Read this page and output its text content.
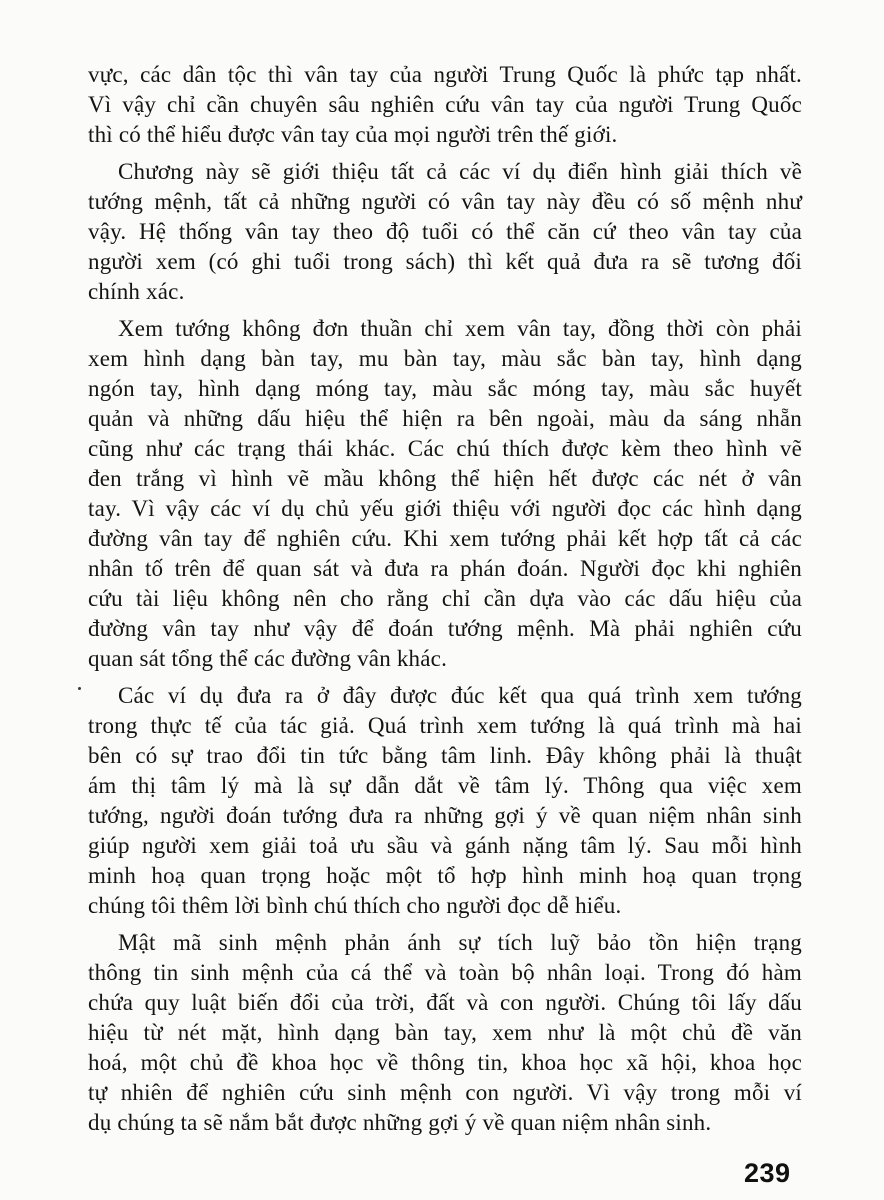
vực, các dân tộc thì vân tay của người Trung Quốc là phức tạp nhất.
Vì vậy chỉ cần chuyên sâu nghiên cứu vân tay của người Trung Quốc
thì có thể hiểu được vân tay của mọi người trên thế giới.
Chương này sẽ giới thiệu tất cả các ví dụ điển hình giải thích về
tướng mệnh, tất cả những người có vân tay này đều có số mệnh như
vậy. Hệ thống vân tay theo độ tuổi có thể căn cứ theo vân tay của
người xem (có ghi tuổi trong sách) thì kết quả đưa ra sẽ tương đối
chính xác.
Xem tướng không đơn thuần chỉ xem vân tay, đồng thời còn phải
xem hình dạng bàn tay, mu bàn tay, màu sắc bàn tay, hình dạng
ngón tay, hình dạng móng tay, màu sắc móng tay, màu sắc huyết
quản và những dấu hiệu thể hiện ra bên ngoài, màu da sáng nhẵn
cũng như các trạng thái khác. Các chú thích được kèm theo hình vẽ
đen trắng vì hình vẽ mầu không thể hiện hết được các nét ở vân
tay. Vì vậy các ví dụ chủ yếu giới thiệu với người đọc các hình dạng
đường vân tay để nghiên cứu. Khi xem tướng phải kết hợp tất cả các
nhân tố trên để quan sát và đưa ra phán đoán. Người đọc khi nghiên
cứu tài liệu không nên cho rằng chỉ cần dựa vào các dấu hiệu của
đường vân tay như vậy để đoán tướng mệnh. Mà phải nghiên cứu
quan sát tổng thể các đường vân khác.
Các ví dụ đưa ra ở đây được đúc kết qua quá trình xem tướng
trong thực tế của tác giả. Quá trình xem tướng là quá trình mà hai
bên có sự trao đổi tin tức bằng tâm linh. Đây không phải là thuật
ám thị tâm lý mà là sự dẫn dắt về tâm lý. Thông qua việc xem
tướng, người đoán tướng đưa ra những gợi ý về quan niệm nhân sinh
giúp người xem giải toả ưu sầu và gánh nặng tâm lý. Sau mỗi hình
minh hoạ quan trọng hoặc một tổ hợp hình minh hoạ quan trọng
chúng tôi thêm lời bình chú thích cho người đọc dễ hiểu.
Mật mã sinh mệnh phản ánh sự tích luỹ bảo tồn hiện trạng
thông tin sinh mệnh của cá thể và toàn bộ nhân loại. Trong đó hàm
chứa quy luật biến đổi của trời, đất và con người. Chúng tôi lấy dấu
hiệu từ nét mặt, hình dạng bàn tay, xem như là một chủ đề văn
hoá, một chủ đề khoa học về thông tin, khoa học xã hội, khoa học
tự nhiên để nghiên cứu sinh mệnh con người. Vì vậy trong mỗi ví
dụ chúng ta sẽ nắm bắt được những gợi ý về quan niệm nhân sinh.
239
